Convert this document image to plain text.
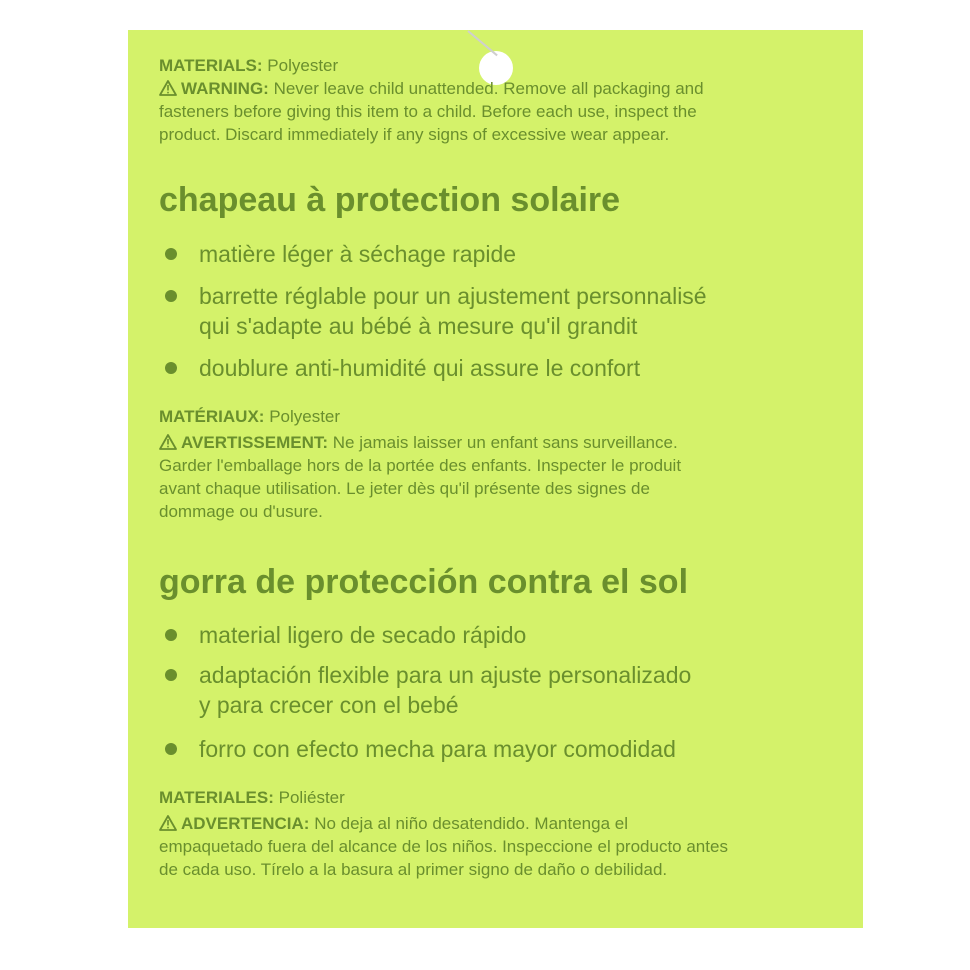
MATERIALS: Polyester

WARNING: Never leave child unattended. Remove all packaging and

fasteners before giving this item to a child. Before each use, inspect the

product. Discard immediately if any signs of excessive wear appear.

chapeau à protection solaire

matière léger à séchage rapide
barrette réglable pour un ajustement personnalisé
qui s'adapte au bébé à mesure qu'il grandit
doublure anti-humidité qui assure le confort

MATÉRIAUX: Polyester

AVERTISSEMENT: Ne jamais laisser un enfant sans surveillance.

Garder l'emballage hors de la portée des enfants. Inspecter le produit

avant chaque utilisation. Le jeter dès qu'il présente des signes de

dommage ou d'usure.

gorra de protección contra el sol

material ligero de secado rápido
adaptación flexible para un ajuste personalizado
y para crecer con el bebé
forro con efecto mecha para mayor comodidad

MATERIALES: Poliéster

ADVERTENCIA: No deja al niño desatendido. Mantenga el

empaquetado fuera del alcance de los niños. Inspeccione el producto antes

de cada uso. Tírelo a la basura al primer signo de daño o debilidad.
